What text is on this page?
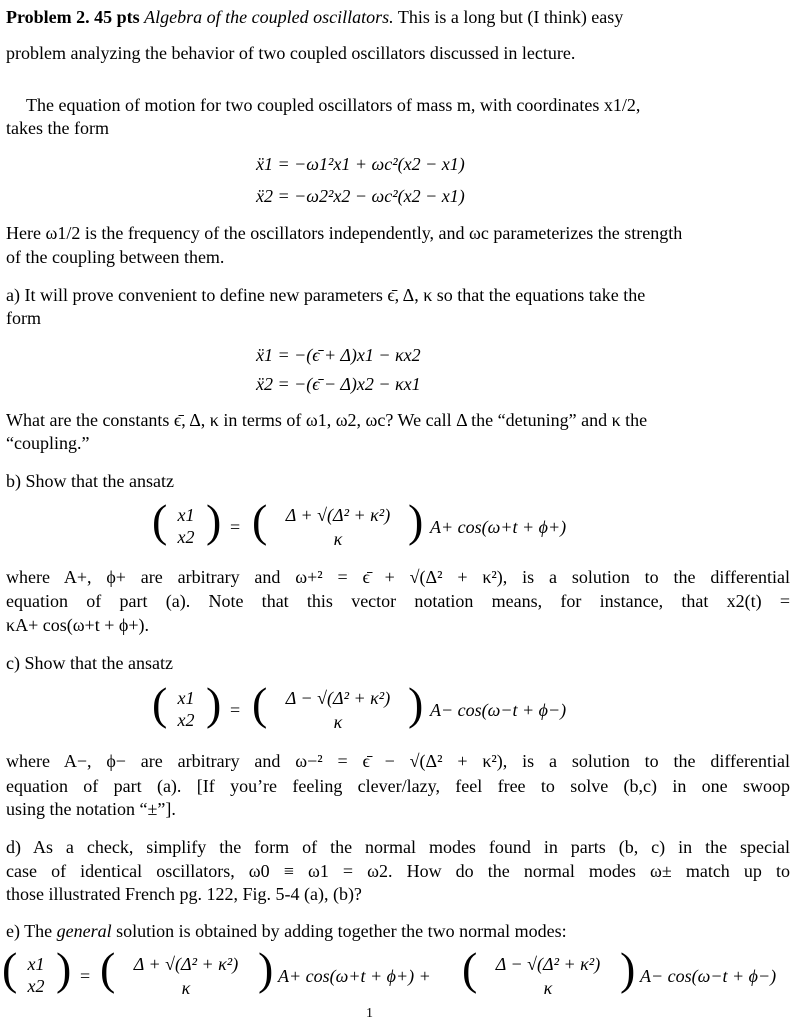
Problem 2. 45 pts Algebra of the coupled oscillators. This is a long but (I think) easy
problem analyzing the behavior of two coupled oscillators discussed in lecture.
The equation of motion for two coupled oscillators of mass m, with coordinates x1/2,
takes the form
ẍ1 = −ω1²x1 + ωc²(x2 − x1)
ẍ2 = −ω2²x2 − ωc²(x2 − x1)
Here ω1/2 is the frequency of the oscillators independently, and ωc parameterizes the strength
of the coupling between them.
a) It will prove convenient to define new parameters ϵ̄, Δ, κ so that the equations take the
form
ẍ1 = −(ϵ̄ + Δ)x1 − κx2
ẍ2 = −(ϵ̄ − Δ)x2 − κx1
What are the constants ϵ̄, Δ, κ in terms of ω1, ω2, ωc? We call Δ the “detuning” and κ the
“coupling.”
b) Show that the ansatz
( x1
x2 ) = (	Δ + √(Δ² + κ²)
κ	) A+ cos(ω+t + ϕ+)
where A+, ϕ+ are arbitrary and ω+² = ϵ̄ + √(Δ² + κ²), is a solution to the differential
equation of part (a). Note that this vector notation means, for instance, that x2(t) =
κA+ cos(ω+t + ϕ+).
c) Show that the ansatz
( x1
x2 ) = (	Δ − √(Δ² + κ²)
κ	) A− cos(ω−t + ϕ−)
where A−, ϕ− are arbitrary and ω−² = ϵ̄ − √(Δ² + κ²), is a solution to the differential
equation of part (a). [If you’re feeling clever/lazy, feel free to solve (b,c) in one swoop
using the notation “±”].
d) As a check, simplify the form of the normal modes found in parts (b, c) in the special
case of identical oscillators, ω0 ≡ ω1 = ω2. How do the normal modes ω± match up to
those illustrated French pg. 122, Fig. 5-4 (a), (b)?
e) The general solution is obtained by adding together the two normal modes:
( x1
x2 ) = (	Δ + √(Δ² + κ²)
κ	) A+ cos(ω+t + ϕ+) + (	Δ − √(Δ² + κ²)
κ	) A− cos(ω−t + ϕ−)
1
